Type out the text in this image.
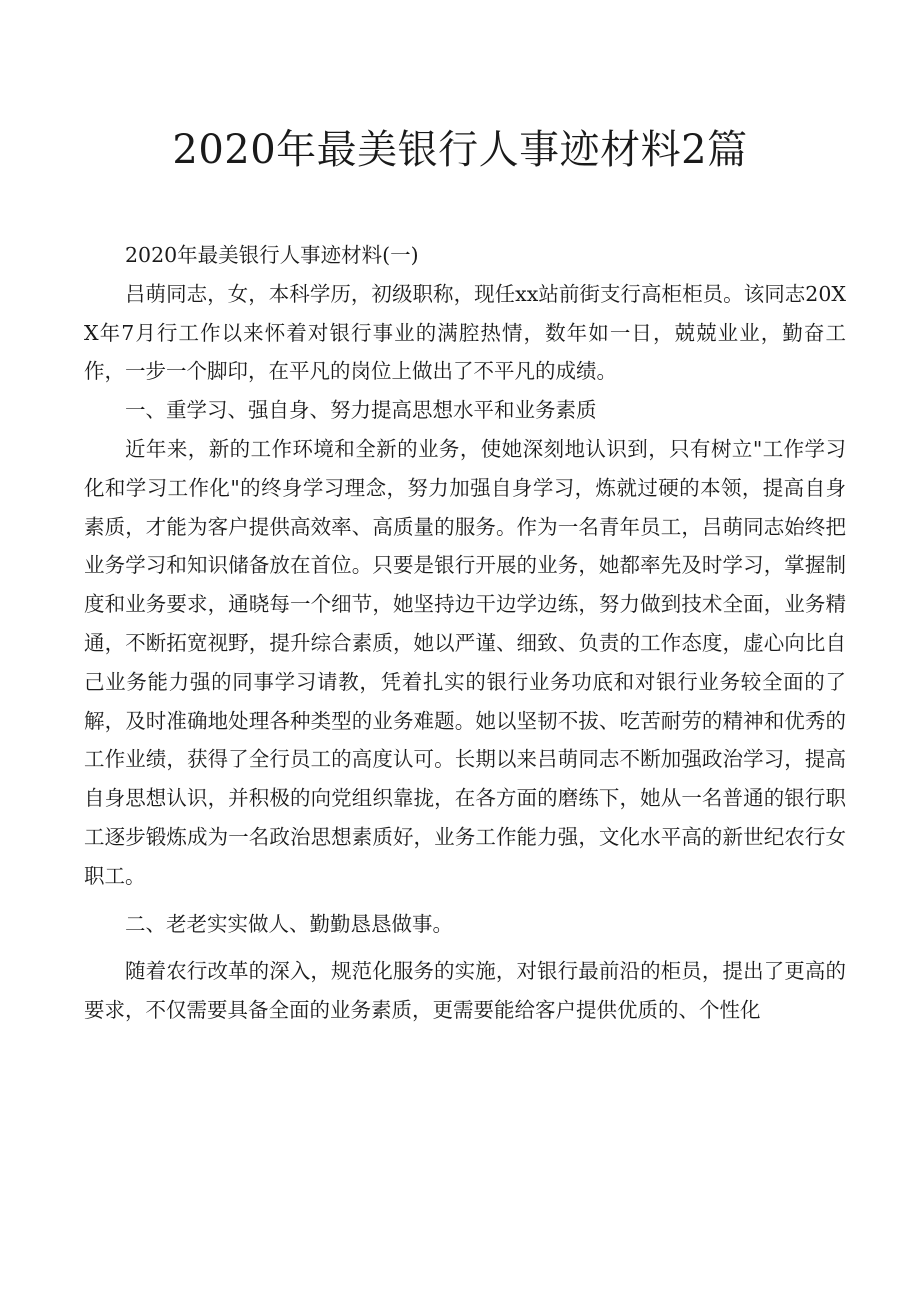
2020年最美银行人事迹材料2篇

2020年最美银行人事迹材料(一)

吕萌同志，女，本科学历，初级职称，现任xx站前街支行高柜柜员。该同志20XX年7月行工作以来怀着对银行事业的满腔热情，数年如一日，兢兢业业，勤奋工作，一步一个脚印，在平凡的岗位上做出了不平凡的成绩。

一、重学习、强自身、努力提高思想水平和业务素质

近年来，新的工作环境和全新的业务，使她深刻地认识到，只有树立"工作学习化和学习工作化"的终身学习理念，努力加强自身学习，炼就过硬的本领，提高自身素质，才能为客户提供高效率、高质量的服务。作为一名青年员工，吕萌同志始终把业务学习和知识储备放在首位。只要是银行开展的业务，她都率先及时学习，掌握制度和业务要求，通晓每一个细节，她坚持边干边学边练，努力做到技术全面，业务精通，不断拓宽视野，提升综合素质，她以严谨、细致、负责的工作态度，虚心向比自己业务能力强的同事学习请教，凭着扎实的银行业务功底和对银行业务较全面的了解，及时准确地处理各种类型的业务难题。她以坚韧不拔、吃苦耐劳的精神和优秀的工作业绩，获得了全行员工的高度认可。长期以来吕萌同志不断加强政治学习，提高自身思想认识，并积极的向党组织靠拢，在各方面的磨练下，她从一名普通的银行职工逐步锻炼成为一名政治思想素质好，业务工作能力强，文化水平高的新世纪农行女职工。

二、老老实实做人、勤勤恳恳做事。

随着农行改革的深入，规范化服务的实施，对银行最前沿的柜员，提出了更高的要求，不仅需要具备全面的业务素质，更需要能给客户提供优质的、个性化
